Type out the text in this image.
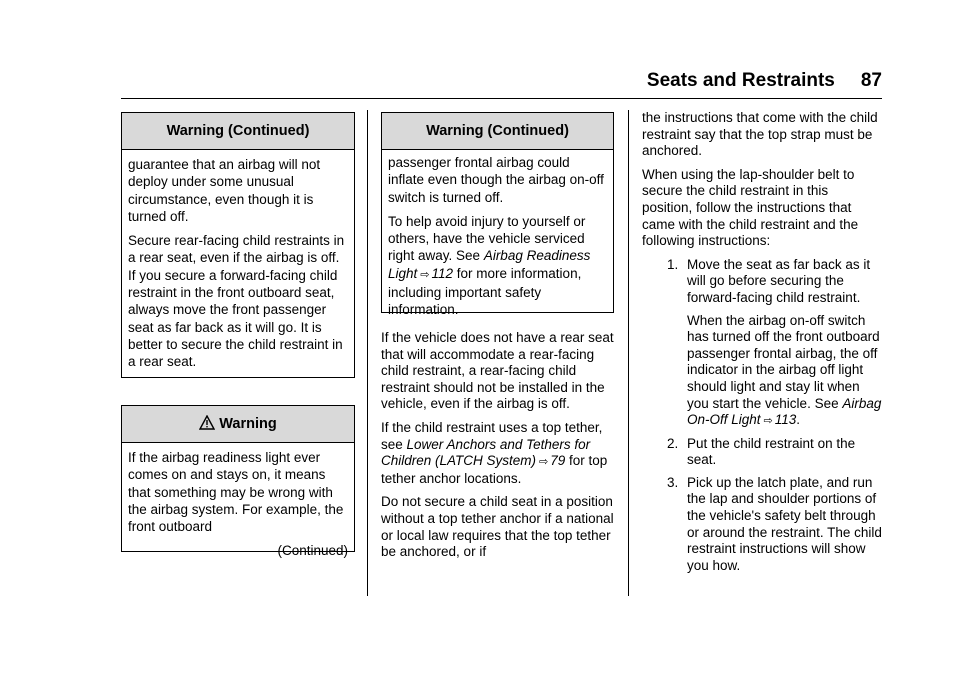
Seats and Restraints 87
Warning (Continued)

guarantee that an airbag will not deploy under some unusual circumstance, even though it is turned off.

Secure rear-facing child restraints in a rear seat, even if the airbag is off. If you secure a forward-facing child restraint in the front outboard seat, always move the front passenger seat as far back as it will go. It is better to secure the child restraint in a rear seat.

Warning

If the airbag readiness light ever comes on and stays on, it means that something may be wrong with the airbag system. For example, the front outboard

(Continued)
Warning (Continued)

passenger frontal airbag could inflate even though the airbag on-off switch is turned off.

To help avoid injury to yourself or others, have the vehicle serviced right away. See Airbag Readiness Light ⇨ 112 for more information, including important safety information.

If the vehicle does not have a rear seat that will accommodate a rear-facing child restraint, a rear-facing child restraint should not be installed in the vehicle, even if the airbag is off.

If the child restraint uses a top tether, see Lower Anchors and Tethers for Children (LATCH System) ⇨ 79 for top tether anchor locations.

Do not secure a child seat in a position without a top tether anchor if a national or local law requires that the top tether be anchored, or if

the instructions that come with the child restraint say that the top strap must be anchored.

When using the lap-shoulder belt to secure the child restraint in this position, follow the instructions that came with the child restraint and the following instructions:

1. Move the seat as far back as it will go before securing the forward-facing child restraint.

When the airbag on-off switch has turned off the front outboard passenger frontal airbag, the off indicator in the airbag off light should light and stay lit when you start the vehicle. See Airbag On-Off Light ⇨ 113.

2. Put the child restraint on the seat.

3. Pick up the latch plate, and run the lap and shoulder portions of the vehicle's safety belt through or around the restraint. The child restraint instructions will show you how.
